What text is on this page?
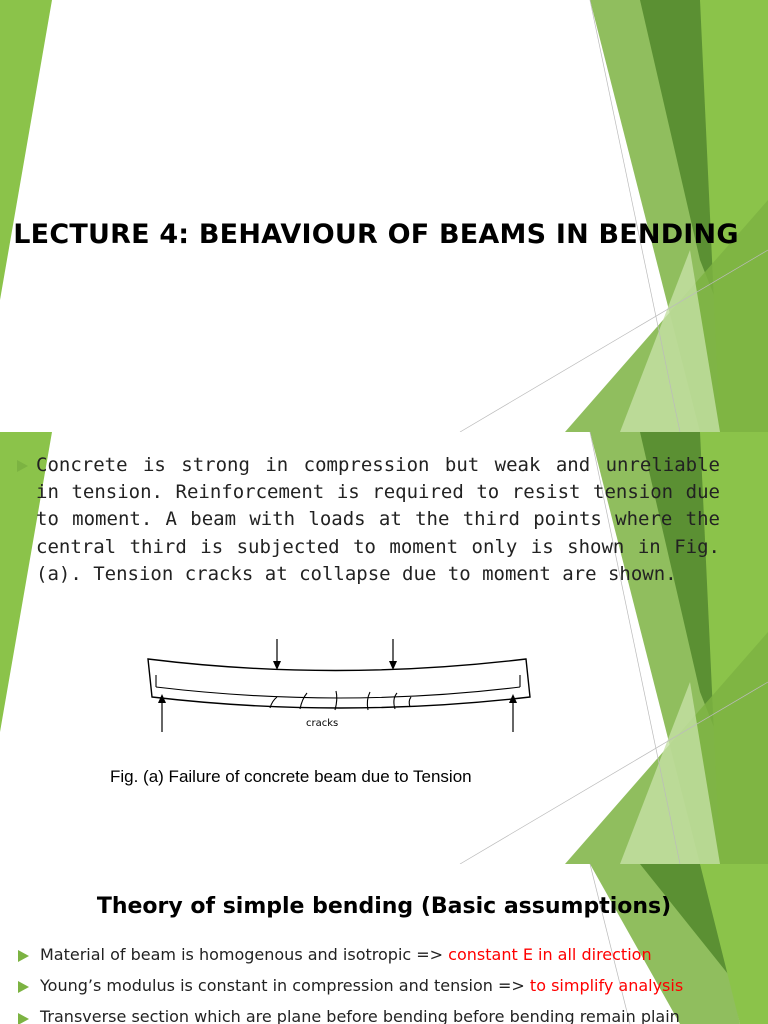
LECTURE 4: BEHAVIOUR OF BEAMS IN BENDING
Concrete is strong in compression but weak and unreliable in tension. Reinforcement is required to resist tension due to moment. A beam with loads at the third points where the central third is subjected to moment only is shown in Fig.(a). Tension cracks at collapse due to moment are shown.
cracks
Fig. (a) Failure of concrete beam due to Tension
Theory of simple bending (Basic assumptions)
Material of beam is homogenous and isotropic => constant E in all direction
Young’s modulus is constant in compression and tension => to simplify analysis
Transverse section which are plane before bending before bending remain plain
